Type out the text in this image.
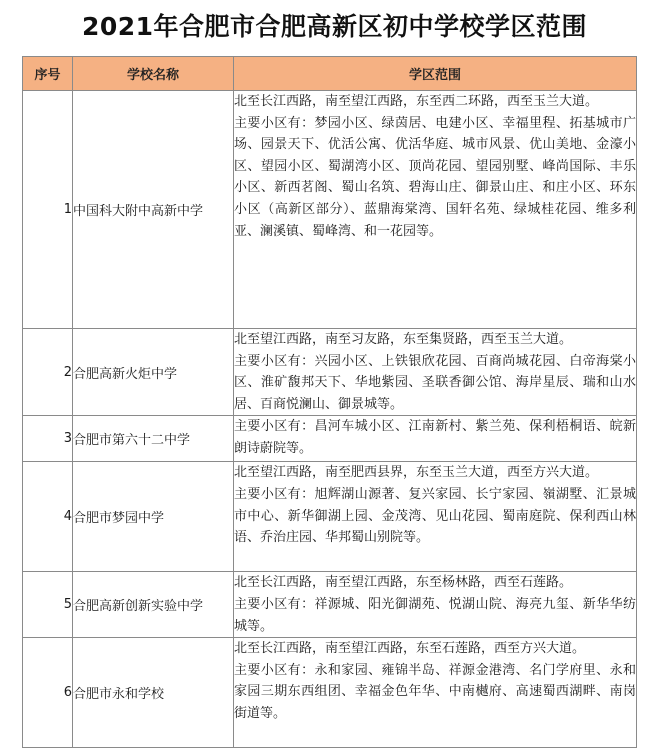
2021年合肥市合肥高新区初中学校学区范围
序号	学校名称	学区范围
1	中国科大附中高新中学	北至长江西路，南至望江西路，东至西二环路，西至玉兰大道。
主要小区有：梦园小区、绿茵居、电建小区、幸福里程、拓基城市广场、园景天下、优活公寓、优活华庭、城市风景、优山美地、金濠小区、望园小区、蜀湖湾小区、顶尚花园、望园别墅、峰尚国际、丰乐小区、新西茗阁、蜀山名筑、碧海山庄、御景山庄、和庄小区、环东小区（高新区部分）、蓝鼎海棠湾、国轩名苑、绿城桂花园、维多利亚、澜溪镇、蜀峰湾、和一花园等。

2	合肥高新火炬中学	北至望江西路，南至习友路，东至集贤路，西至玉兰大道。
主要小区有：兴园小区、上铁银欣花园、百商尚城花园、白帝海棠小区、淮矿馥邦天下、华地紫园、圣联香御公馆、海岸星辰、瑞和山水居、百商悦澜山、御景城等。

3	合肥市第六十二中学	主要小区有：昌河车城小区、江南新村、紫兰苑、保利梧桐语、皖新朗诗蔚院等。

4	合肥市梦园中学	北至望江西路，南至肥西县界，东至玉兰大道，西至方兴大道。
主要小区有：旭辉湖山源著、复兴家园、长宁家园、嶺湖墅、汇景城市中心、新华御湖上园、金茂湾、见山花园、蜀南庭院、保利西山林语、乔治庄园、华邦蜀山别院等。

5	合肥高新创新实验中学	北至长江西路，南至望江西路，东至杨林路，西至石莲路。
主要小区有：祥源城、阳光御湖苑、悦湖山院、海亮九玺、新华华纺城等。

6	合肥市永和学校	北至长江西路，南至望江西路，东至石莲路，西至方兴大道。
主要小区有：永和家园、雍锦半岛、祥源金港湾、名门学府里、永和家园三期东西组团、幸福金色年华、中南樾府、高速蜀西湖畔、南岗街道等。
